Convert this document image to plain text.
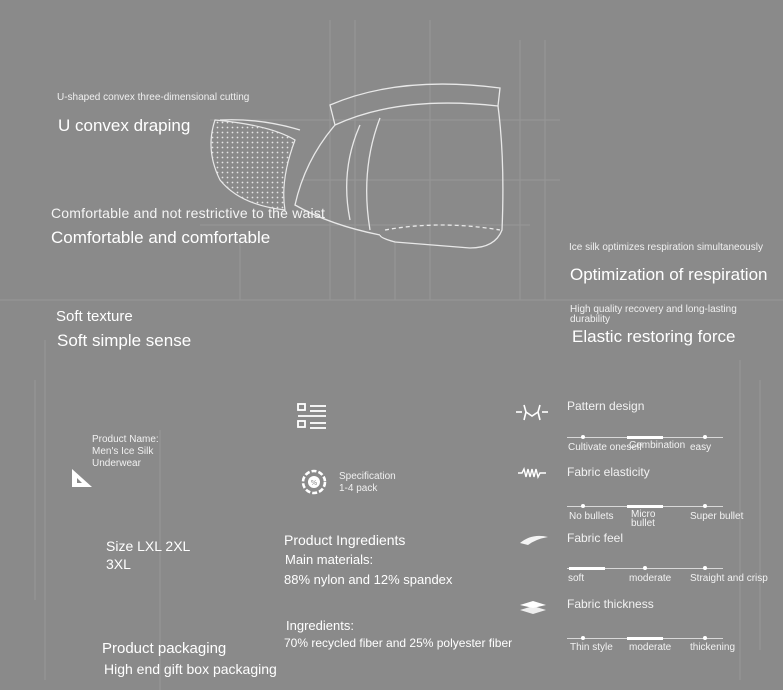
U-shaped convex three-dimensional cutting
U convex draping
Comfortable and not restrictive to the waist
Comfortable and comfortable
Ice silk optimizes respiration simultaneously
Optimization of respiration
High quality recovery and long-lasting durability
Elastic restoring force
Soft texture
Soft simple sense
%
Product Name: Men's Ice Silk Underwear
Specification 1-4 pack
Size LXL 2XL 3XL
Product Ingredients
Main materials:
88% nylon and 12% spandex
Ingredients:
70% recycled fiber and 25% polyester fiber
Product packaging
High end gift box packaging
Pattern design
Fabric elasticity
Fabric feel
Fabric thickness
Cultivate oneself
Combination easy
No bullets Micro bullet
Super bullet
soft	moderate Straight and crisp
Thin style moderate thickening
